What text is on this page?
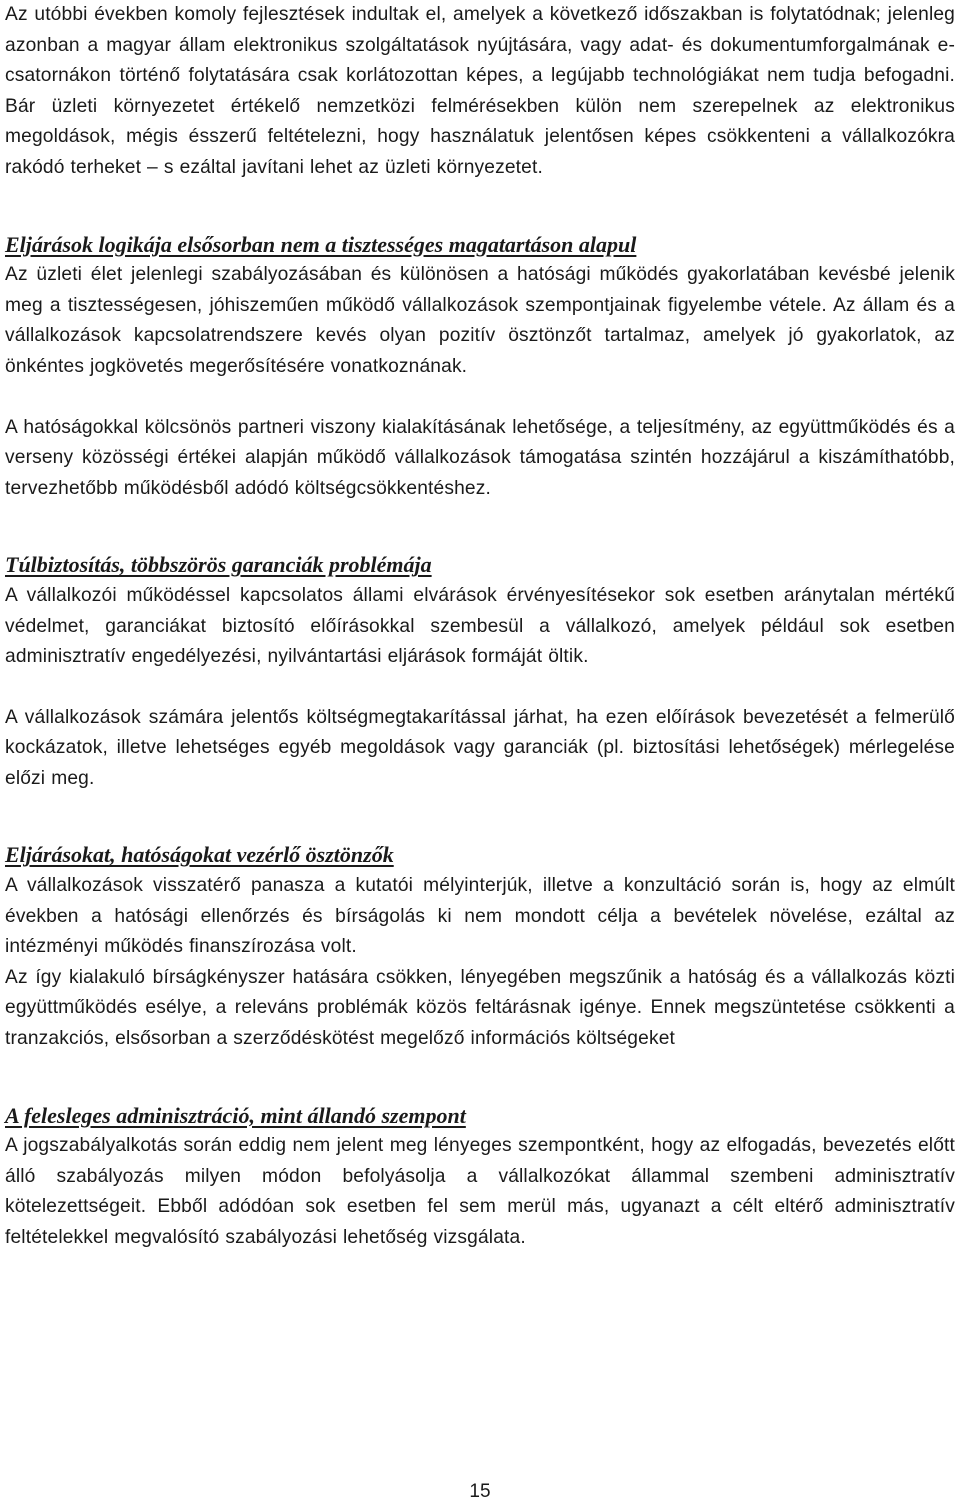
Az utóbbi években komoly fejlesztések indultak el, amelyek a következő időszakban is folytatódnak; jelenleg azonban a magyar állam elektronikus szolgáltatások nyújtására, vagy adat- és dokumentumforgalmának e-csatornákon történő folytatására csak korlátozottan képes, a legújabb technológiákat nem tudja befogadni. Bár üzleti környezetet értékelő nemzetközi felmérésekben külön nem szerepelnek az elektronikus megoldások, mégis ésszerű feltételezni, hogy használatuk jelentősen képes csökkenteni a vállalkozókra rakódó terheket – s ezáltal javítani lehet az üzleti környezetet.

Eljárások logikája elsősorban nem a tisztességes magatartáson alapul

Az üzleti élet jelenlegi szabályozásában és különösen a hatósági működés gyakorlatában kevésbé jelenik meg a tisztességesen, jóhiszeműen működő vállalkozások szempontjainak figyelembe vétele. Az állam és a vállalkozások kapcsolatrendszere kevés olyan pozitív ösztönzőt tartalmaz, amelyek jó gyakorlatok, az önkéntes jogkövetés megerősítésére vonatkoznának.

A hatóságokkal kölcsönös partneri viszony kialakításának lehetősége, a teljesítmény, az együttműködés és a verseny közösségi értékei alapján működő vállalkozások támogatása szintén hozzájárul a kiszámíthatóbb, tervezhetőbb működésből adódó költségcsökkentéshez.

Túlbiztosítás, többszörös garanciák problémája

A vállalkozói működéssel kapcsolatos állami elvárások érvényesítésekor sok esetben aránytalan mértékű védelmet, garanciákat biztosító előírásokkal szembesül a vállalkozó, amelyek például sok esetben adminisztratív engedélyezési, nyilvántartási eljárások formáját öltik.

A vállalkozások számára jelentős költségmegtakarítással járhat, ha ezen előírások bevezetését a felmerülő kockázatok, illetve lehetséges egyéb megoldások vagy garanciák (pl. biztosítási lehetőségek) mérlegelése előzi meg.

Eljárásokat, hatóságokat vezérlő ösztönzők

A vállalkozások visszatérő panasza a kutatói mélyinterjúk, illetve a konzultáció során is, hogy az elmúlt években a hatósági ellenőrzés és bírságolás ki nem mondott célja a bevételek növelése, ezáltal az intézményi működés finanszírozása volt.

Az így kialakuló bírságkényszer hatására csökken, lényegében megszűnik a hatóság és a vállalkozás közti együttműködés esélye, a releváns problémák közös feltárásnak igénye. Ennek megszüntetése csökkenti a tranzakciós, elsősorban a szerződéskötést megelőző információs költségeket

A felesleges adminisztráció, mint állandó szempont

A jogszabályalkotás során eddig nem jelent meg lényeges szempontként, hogy az elfogadás, bevezetés előtt álló szabályozás milyen módon befolyásolja a vállalkozókat állammal szembeni adminisztratív kötelezettségeit. Ebből adódóan sok esetben fel sem merül más, ugyanazt a célt eltérő adminisztratív feltételekkel megvalósító szabályozási lehetőség vizsgálata.

15
